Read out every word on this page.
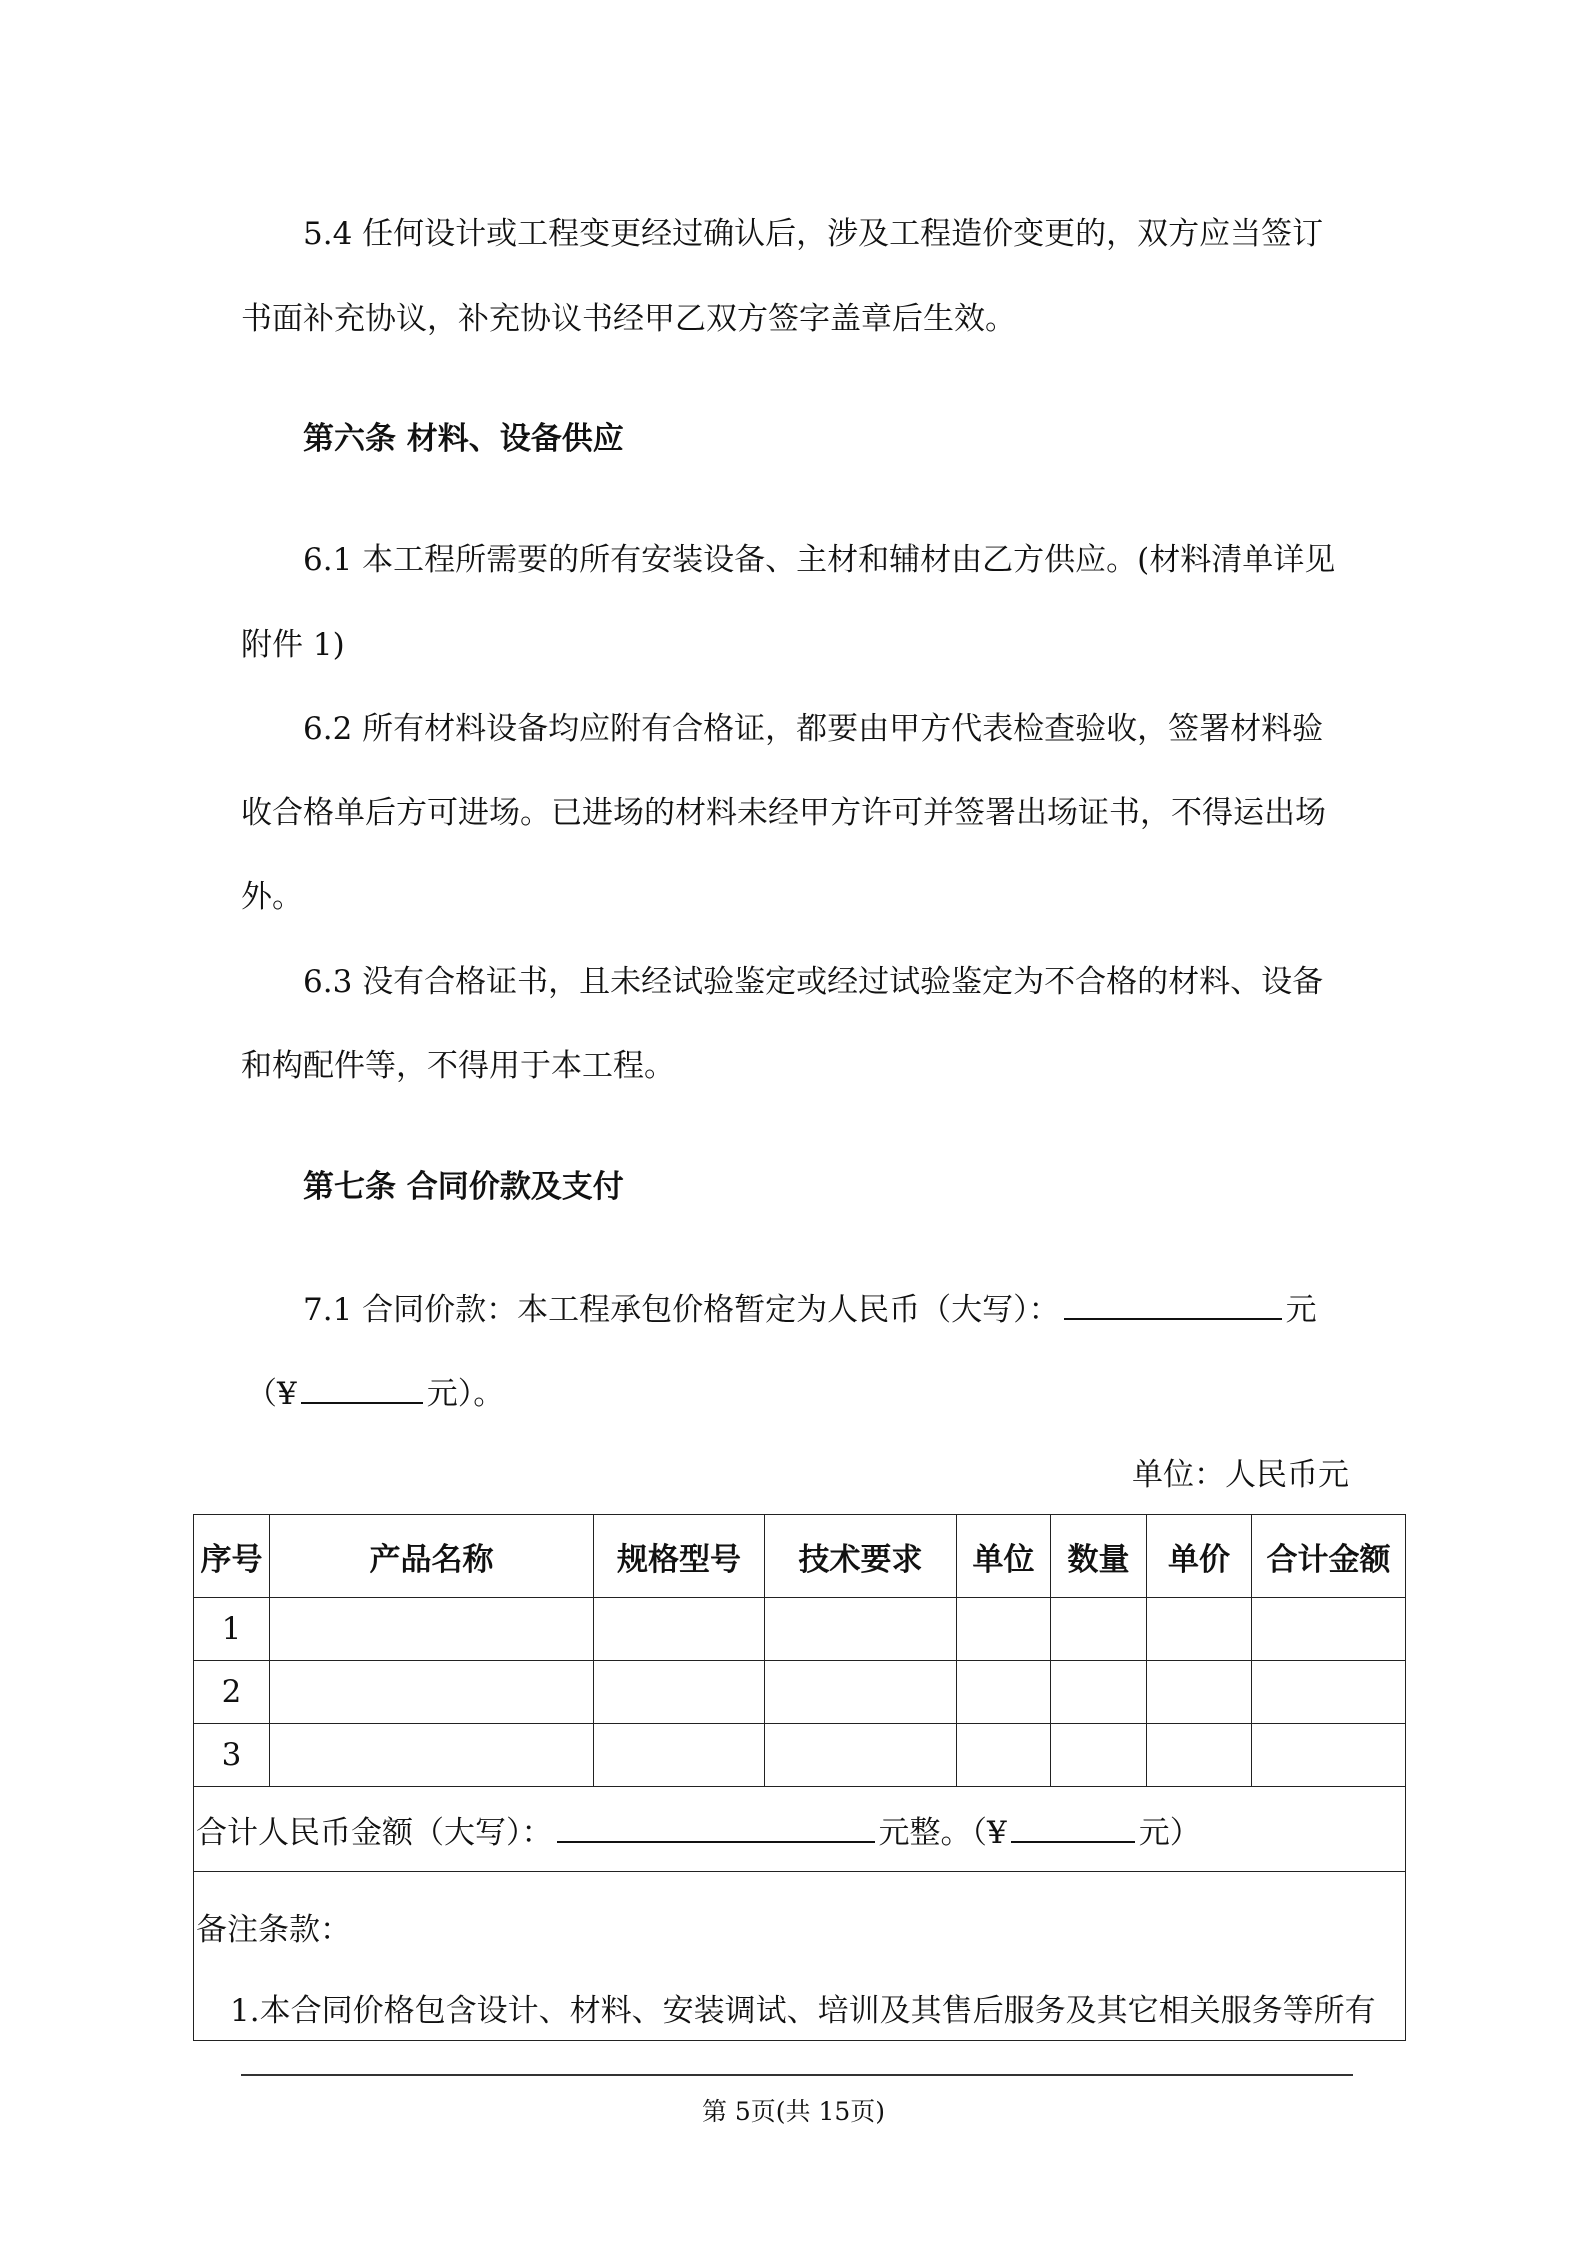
5.4 任何设计或工程变更经过确认后，涉及工程造价变更的，双方应当签订
书面补充协议，补充协议书经甲乙双方签字盖章后生效。
第六条 材料、设备供应
6.1 本工程所需要的所有安装设备、主材和辅材由乙方供应。(材料清单详见
附件 1)
6.2 所有材料设备均应附有合格证，都要由甲方代表检查验收，签署材料验
收合格单后方可进场。已进场的材料未经甲方许可并签署出场证书，不得运出场
外。
6.3 没有合格证书，且未经试验鉴定或经过试验鉴定为不合格的材料、设备
和构配件等，不得用于本工程。
第七条 合同价款及支付
7.1 合同价款：本工程承包价格暂定为人民币（大写）：	元
（¥	元）。
单位：人民币元
序号	产品名称	规格型号	技术要求	单位	数量	单价	合计金额
1							
2							
3							
合计人民币金额（大写）： 元整。（¥ 元）							

备注条款：
1.本合同价格包含设计、材料、安装调试、培训及其售后服务及其它相关服务等所有							
第 5页(共 15页)
